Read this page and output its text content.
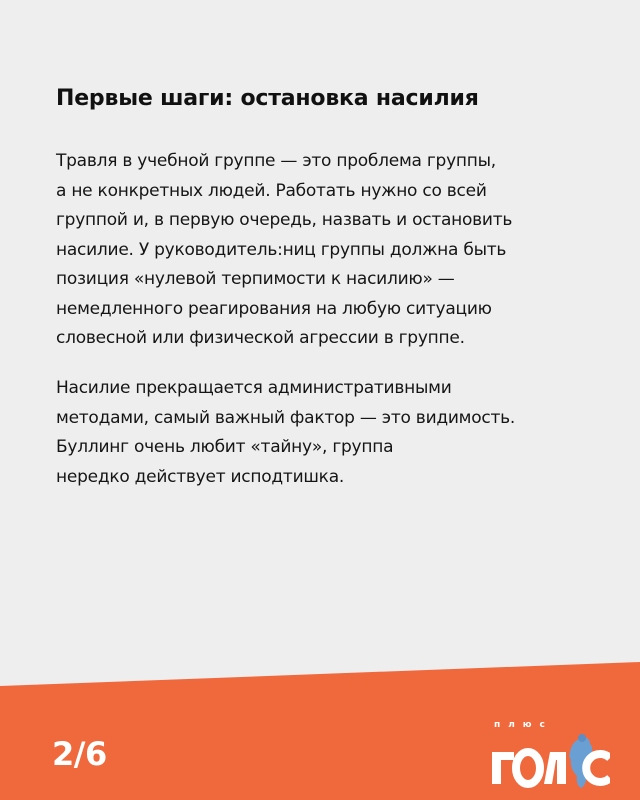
Первые шаги: остановка насилия

Травля в учебной группе — это проблема группы,
а не конкретных людей. Работать нужно со всей
группой и, в первую очередь, назвать и остановить
насилие. У руководитель:ниц группы должна быть
позиция «нулевой терпимости к насилию» —
немедленного реагирования на любую ситуацию
словесной или физической агрессии в группе.

Насилие прекращается административными
методами, самый важный фактор — это видимость.
Буллинг очень любит «тайну», группа
нередко действует исподтишка.

2/6
плюс
